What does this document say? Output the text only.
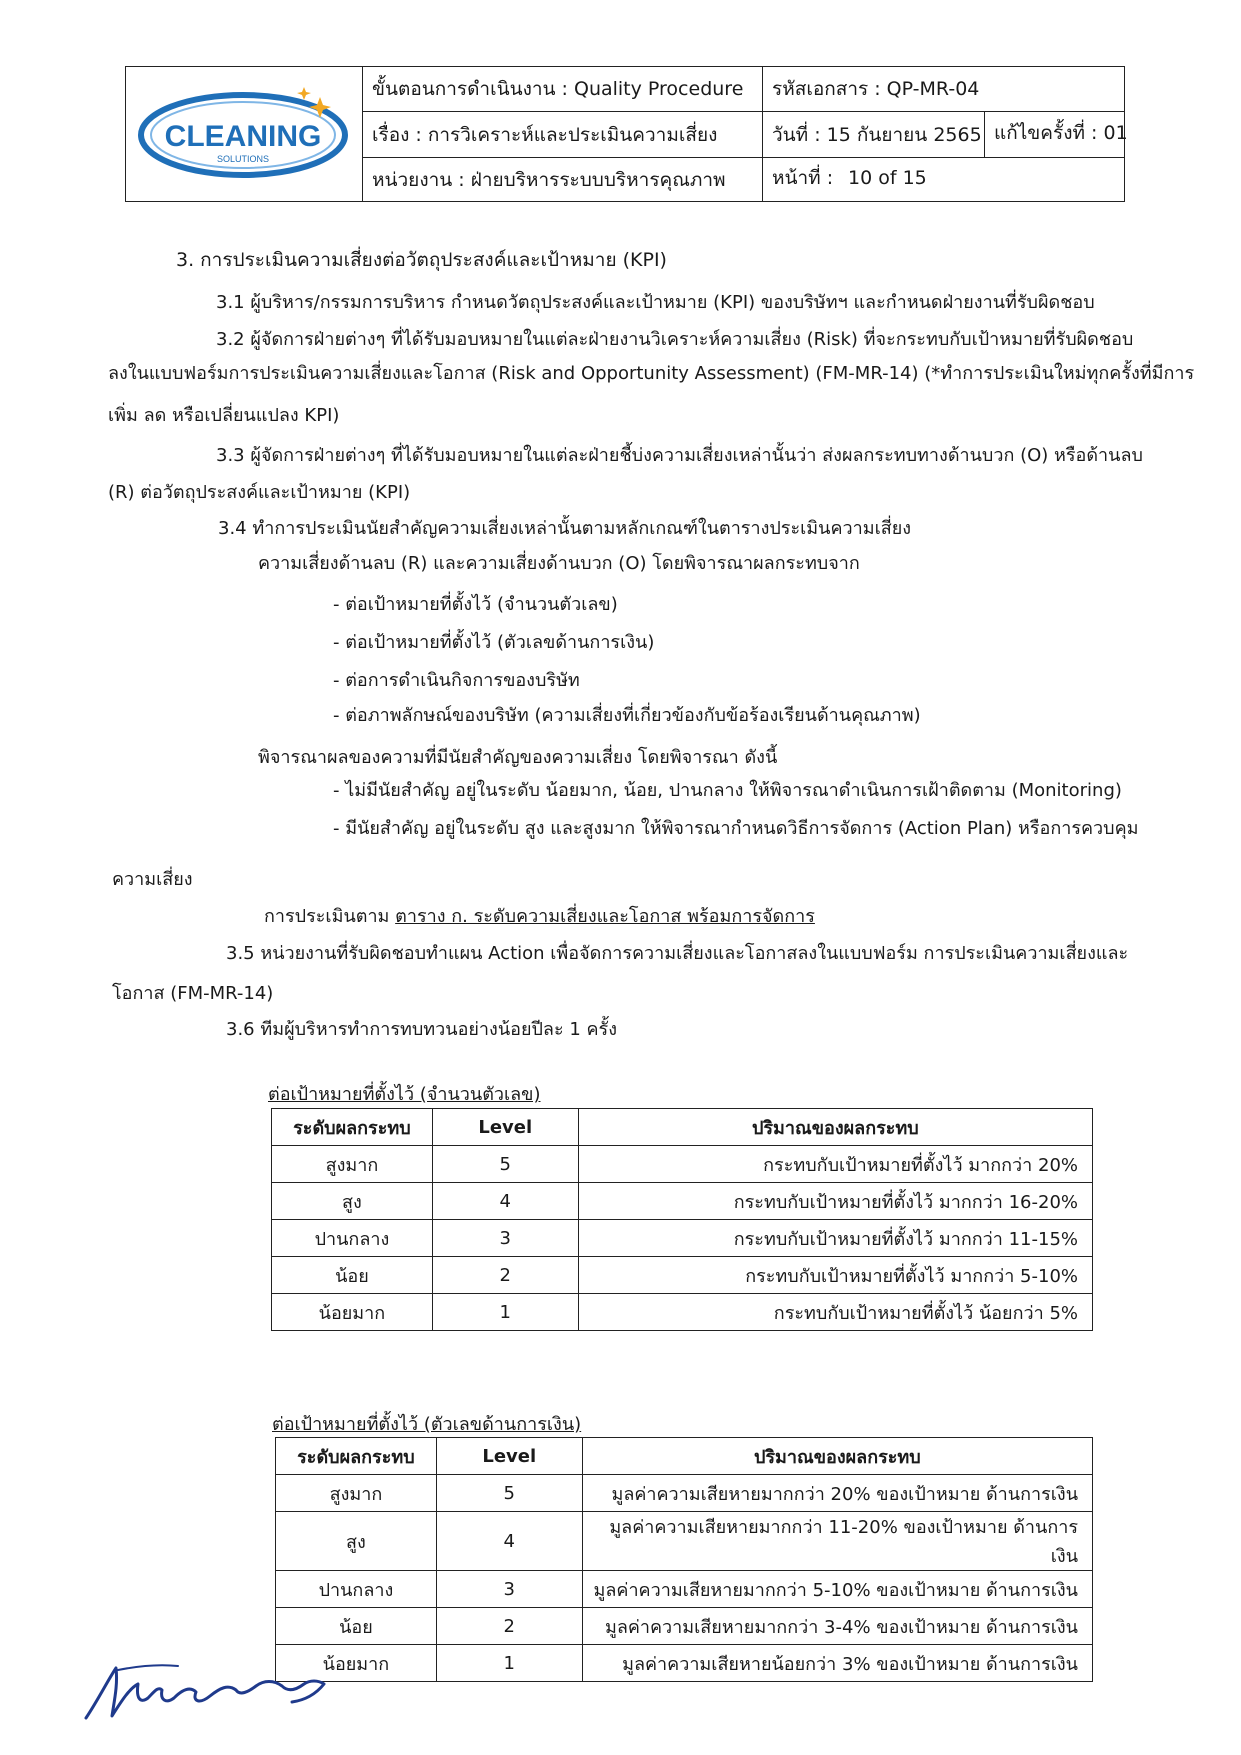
CLEANING
SOLUTIONS
ขั้นตอนการดำเนินงาน : Quality Procedure รหัสเอกสาร : QP-MR-04
เรื่อง : การวิเคราะห์และประเมินความเสี่ยง	วันที่ : 15 กันยายน 2565 แก้ไขครั้งที่ : 01
หน่วยงาน : ฝ่ายบริหารระบบบริหารคุณภาพ หน้าที่ : 10 of 15
3. การประเมินความเสี่ยงต่อวัตถุประสงค์และเป้าหมาย (KPI)
3.1 ผู้บริหาร/กรรมการบริหาร กำหนดวัตถุประสงค์และเป้าหมาย (KPI) ของบริษัทฯ และกำหนดฝ่ายงานที่รับผิดชอบ
3.2 ผู้จัดการฝ่ายต่างๆ ที่ได้รับมอบหมายในแต่ละฝ่ายงานวิเคราะห์ความเสี่ยง (Risk) ที่จะกระทบกับเป้าหมายที่รับผิดชอบ
ลงในแบบฟอร์มการประเมินความเสี่ยงและโอกาส (Risk and Opportunity Assessment) (FM-MR-14) (*ทำการประเมินใหม่ทุกครั้งที่มีการ
เพิ่ม ลด หรือเปลี่ยนแปลง KPI)
3.3 ผู้จัดการฝ่ายต่างๆ ที่ได้รับมอบหมายในแต่ละฝ่ายชี้บ่งความเสี่ยงเหล่านั้นว่า ส่งผลกระทบทางด้านบวก (O) หรือด้านลบ
(R) ต่อวัตถุประสงค์และเป้าหมาย (KPI)
3.4 ทำการประเมินนัยสำคัญความเสี่ยงเหล่านั้นตามหลักเกณฑ์ในตารางประเมินความเสี่ยง
ความเสี่ยงด้านลบ (R) และความเสี่ยงด้านบวก (O) โดยพิจารณาผลกระทบจาก
- ต่อเป้าหมายที่ตั้งไว้ (จำนวนตัวเลข)
- ต่อเป้าหมายที่ตั้งไว้ (ตัวเลขด้านการเงิน)
- ต่อการดำเนินกิจการของบริษัท
- ต่อภาพลักษณ์ของบริษัท (ความเสี่ยงที่เกี่ยวข้องกับข้อร้องเรียนด้านคุณภาพ)
พิจารณาผลของความที่มีนัยสำคัญของความเสี่ยง โดยพิจารณา ดังนี้
- ไม่มีนัยสำคัญ อยู่ในระดับ น้อยมาก, น้อย, ปานกลาง ให้พิจารณาดำเนินการเฝ้าติดตาม (Monitoring)
- มีนัยสำคัญ อยู่ในระดับ สูง และสูงมาก ให้พิจารณากำหนดวิธีการจัดการ (Action Plan) หรือการควบคุม
ความเสี่ยง
การประเมินตาม ตาราง ก. ระดับความเสี่ยงและโอกาส พร้อมการจัดการ
3.5 หน่วยงานที่รับผิดชอบทำแผน Action เพื่อจัดการความเสี่ยงและโอกาสลงในแบบฟอร์ม การประเมินความเสี่ยงและ
โอกาส (FM-MR-14)
3.6 ทีมผู้บริหารทำการทบทวนอย่างน้อยปีละ 1 ครั้ง
ต่อเป้าหมายที่ตั้งไว้ (จำนวนตัวเลข)
ระดับผลกระทบ	Level	ปริมาณของผลกระทบ
สูงมาก	5	กระทบกับเป้าหมายที่ตั้งไว้ มากกว่า 20%
สูง	4	กระทบกับเป้าหมายที่ตั้งไว้ มากกว่า 16-20%
ปานกลาง	3	กระทบกับเป้าหมายที่ตั้งไว้ มากกว่า 11-15%
น้อย	2	กระทบกับเป้าหมายที่ตั้งไว้ มากกว่า 5-10%
น้อยมาก	1	กระทบกับเป้าหมายที่ตั้งไว้ น้อยกว่า 5%
ต่อเป้าหมายที่ตั้งไว้ (ตัวเลขด้านการเงิน)
ระดับผลกระทบ	Level	ปริมาณของผลกระทบ
สูงมาก	5	มูลค่าความเสียหายมากกว่า 20% ของเป้าหมาย ด้านการเงิน
สูง	4	มูลค่าความเสียหายมากกว่า 11-20% ของเป้าหมาย ด้านการเงิน
ปานกลาง	3	มูลค่าความเสียหายมากกว่า 5-10% ของเป้าหมาย ด้านการเงิน
น้อย	2	มูลค่าความเสียหายมากกว่า 3-4% ของเป้าหมาย ด้านการเงิน
น้อยมาก	1	มูลค่าความเสียหายน้อยกว่า 3% ของเป้าหมาย ด้านการเงิน
